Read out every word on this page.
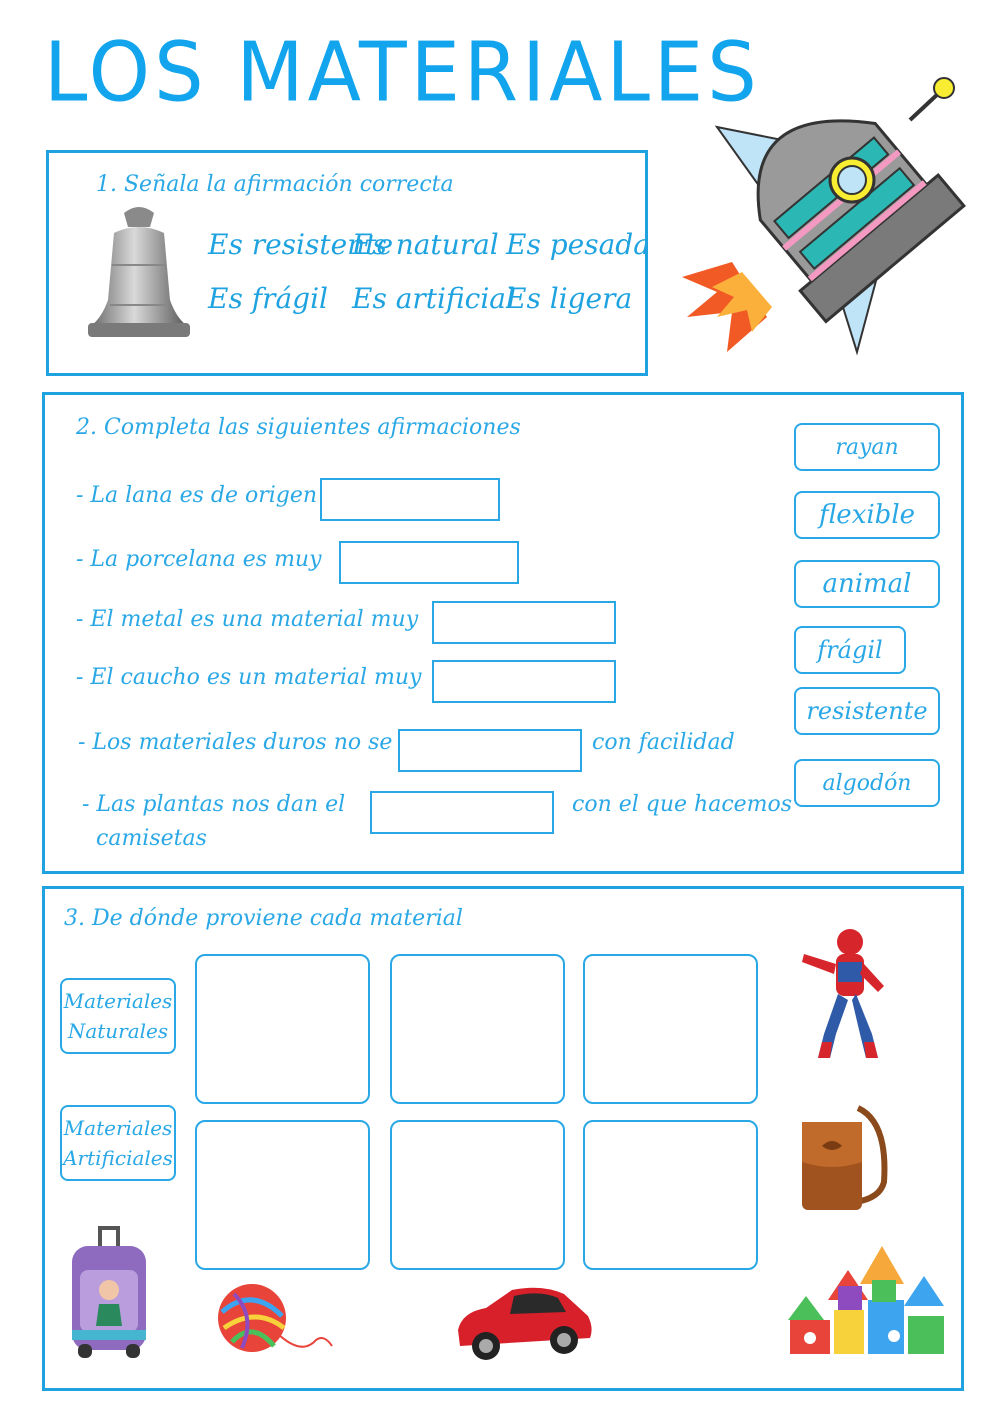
LOS MATERIALES
1. Señala la afirmación correcta
Es resistente
Es natural Es pesada
Es frágil Es artificial
Es ligera
2. Completa las siguientes afirmaciones
- La lana es de origen
- La porcelana es muy
- El metal es una material muy
- El caucho es un material muy
- Los materiales duros no se	con facilidad
- Las plantas nos dan el	con el que hacemos
camisetas
rayan
flexible
animal
frágil
resistente
algodón
3. De dónde proviene cada material
Materiales
Naturales
Materiales
Artificiales
